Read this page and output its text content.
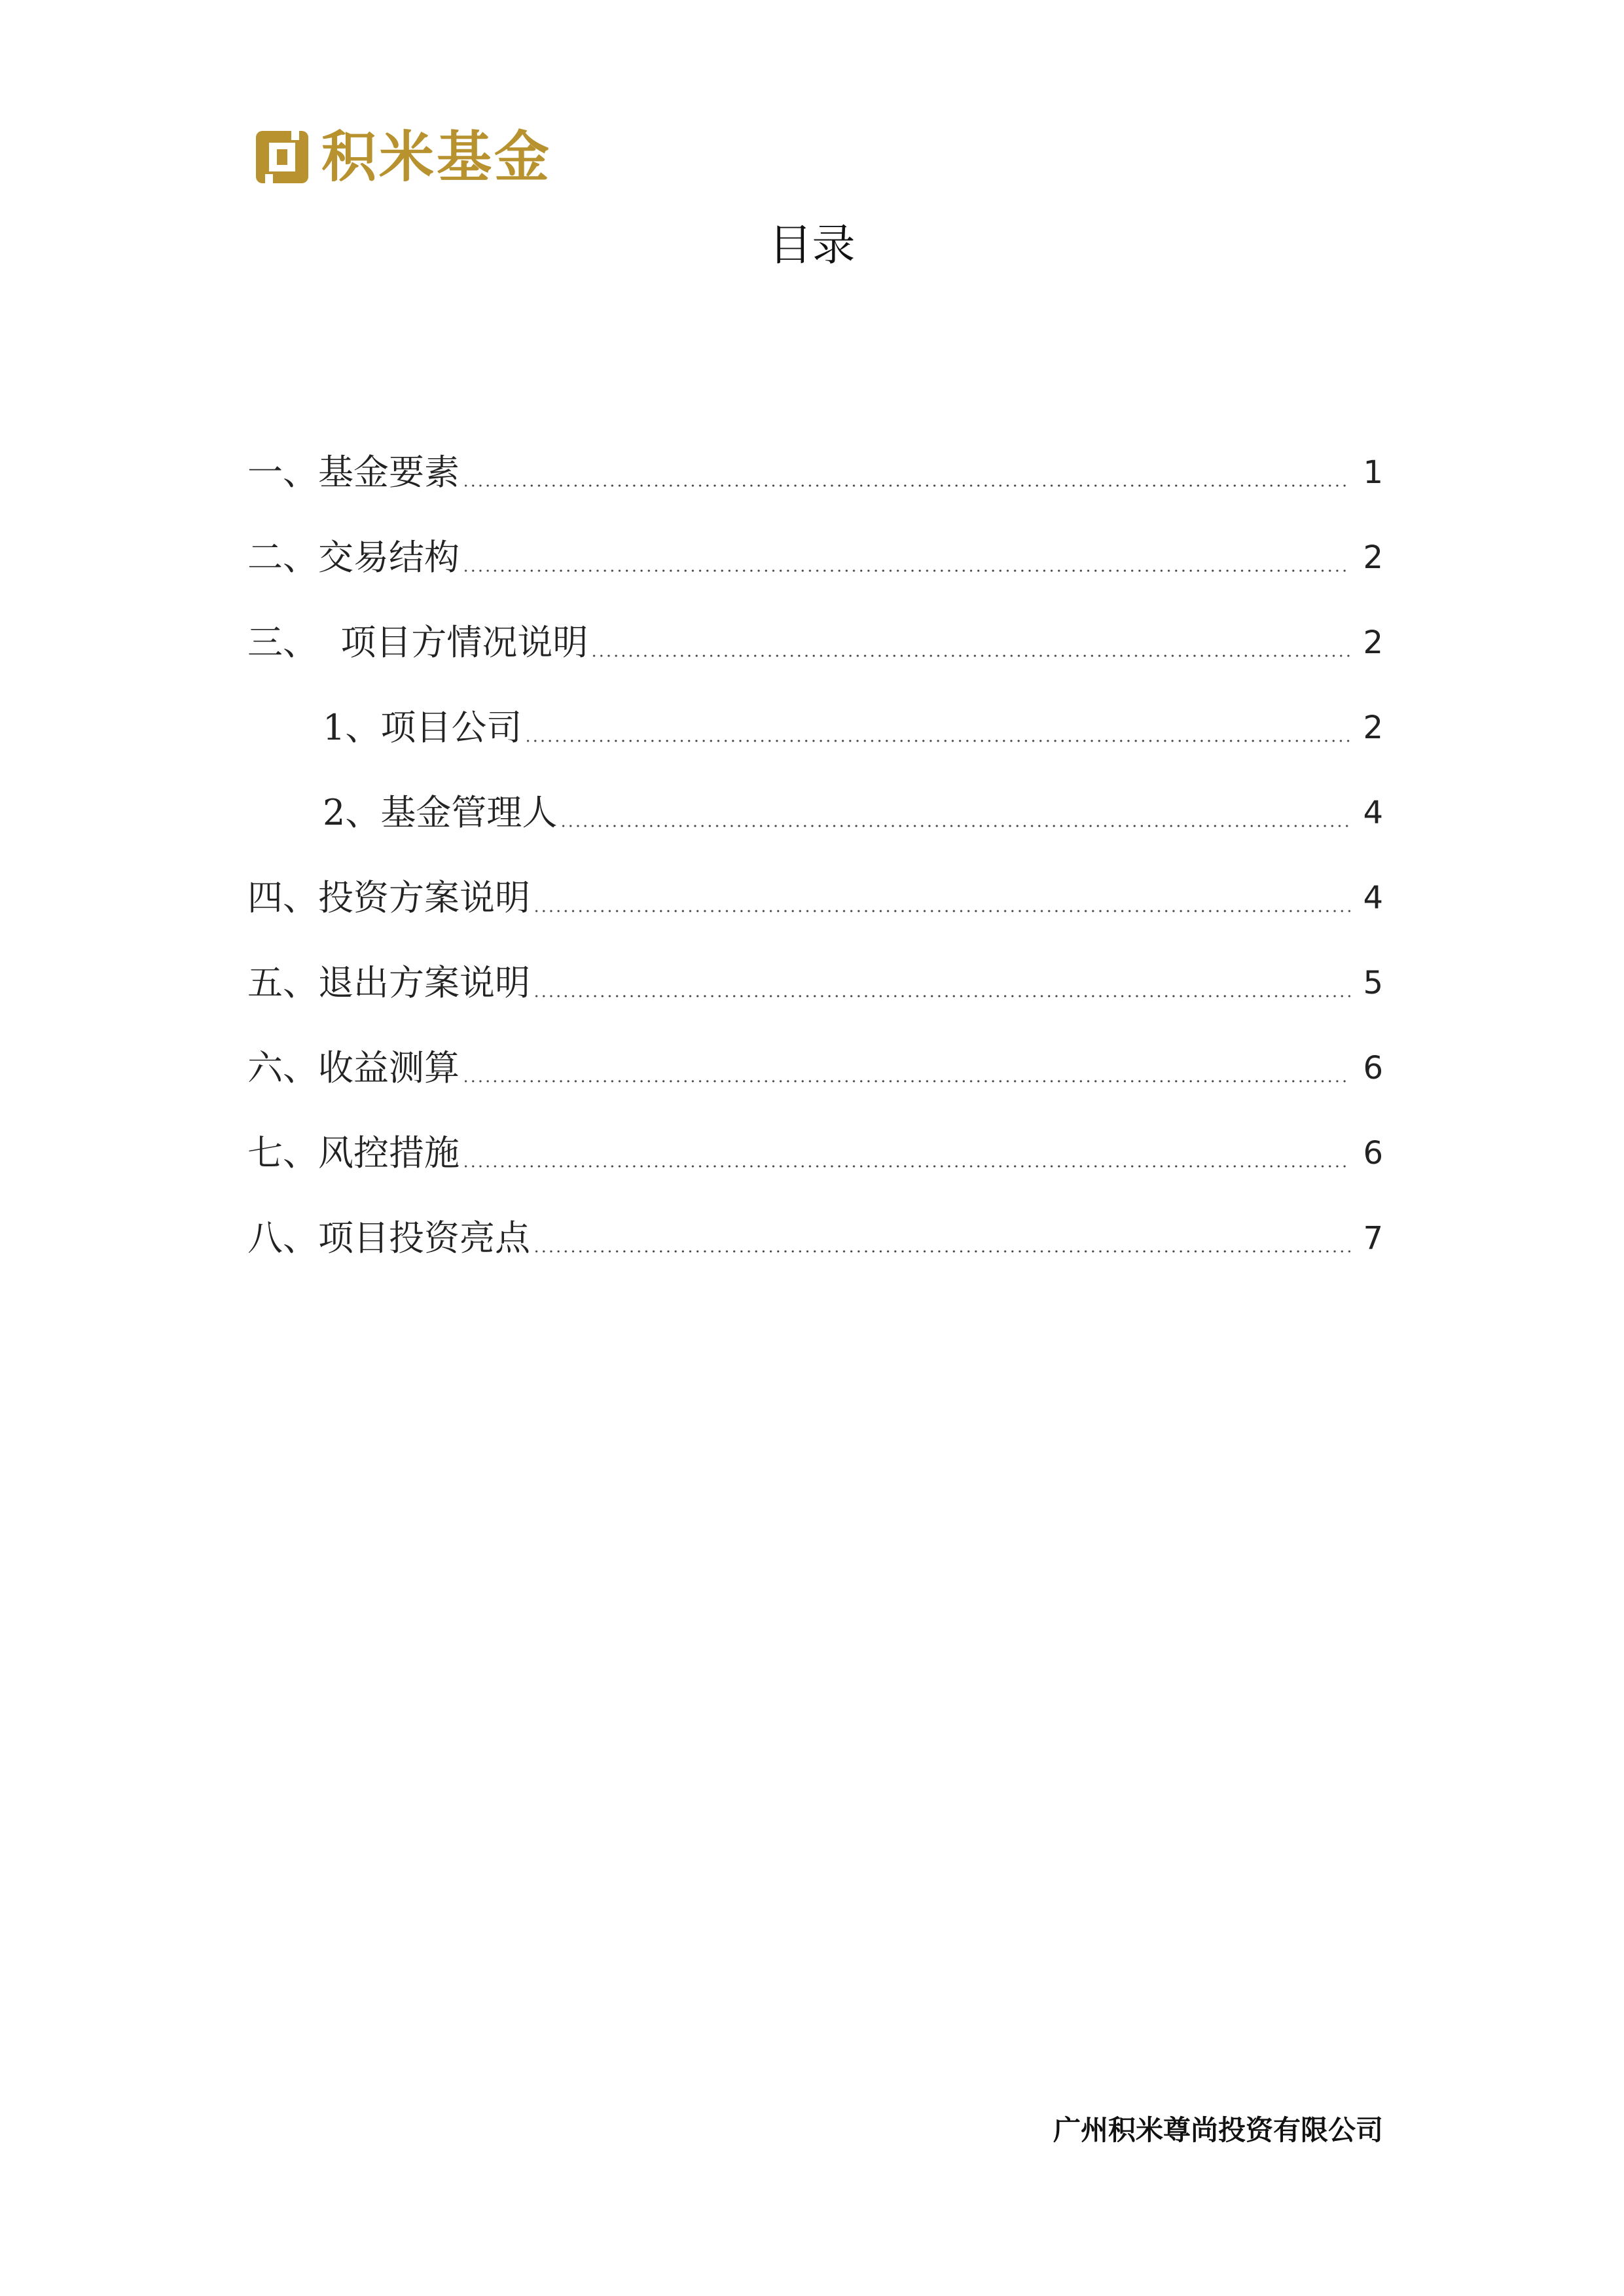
积米基金
目录
一、基金要素	1
二、交易结构	2
三、  项目方情况说明	2
1、项目公司	2
2、基金管理人	4
四、投资方案说明	4
五、退出方案说明	5
六、收益测算	6
七、风控措施	6
八、项目投资亮点	7
广州积米尊尚投资有限公司
